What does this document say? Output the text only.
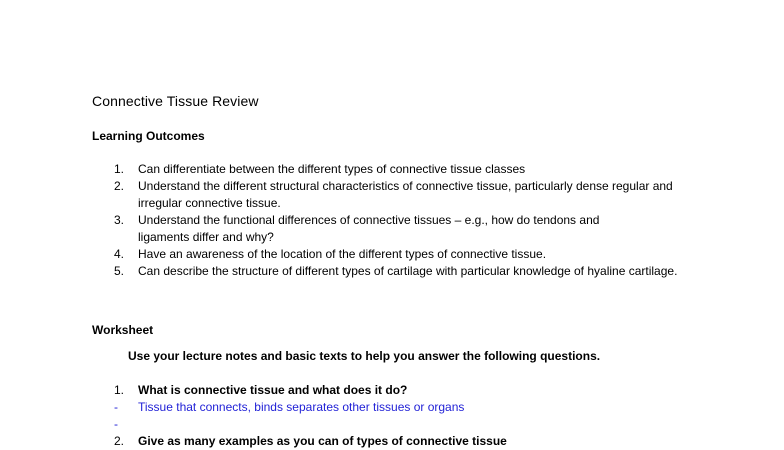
Connective Tissue Review
Learning Outcomes
1.	Can differentiate between the different types of connective tissue classes
2.	Understand the different structural characteristics of connective tissue, particularly dense regular and irregular connective tissue.
3.	Understand the functional differences of connective tissues – e.g., how do tendons and ligaments differ and why?
4.	Have an awareness of the location of the different types of connective tissue.
5.	Can describe the structure of different types of cartilage with particular knowledge of hyaline cartilage.
Worksheet
Use your lecture notes and basic texts to help you answer the following questions.
1.	What is connective tissue and what does it do?
-	Tissue that connects, binds separates other tissues or organs
-
2.	Give as many examples as you can of types of connective tissue
